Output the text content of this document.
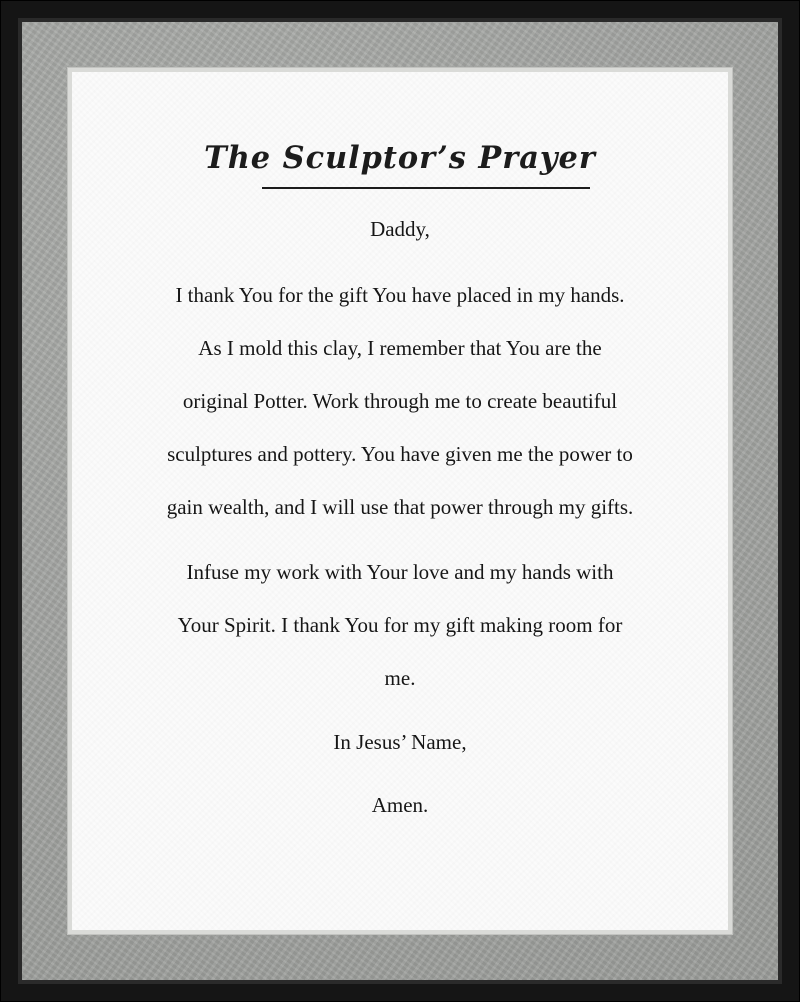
The Sculptor’s Prayer
Daddy,
I thank You for the gift You have placed in my hands.
As I mold this clay, I remember that You are the
original Potter. Work through me to create beautiful
sculptures and pottery. You have given me the power to
gain wealth, and I will use that power through my gifts.
Infuse my work with Your love and my hands with
Your Spirit. I thank You for my gift making room for
me.
In Jesus’ Name,
Amen.
